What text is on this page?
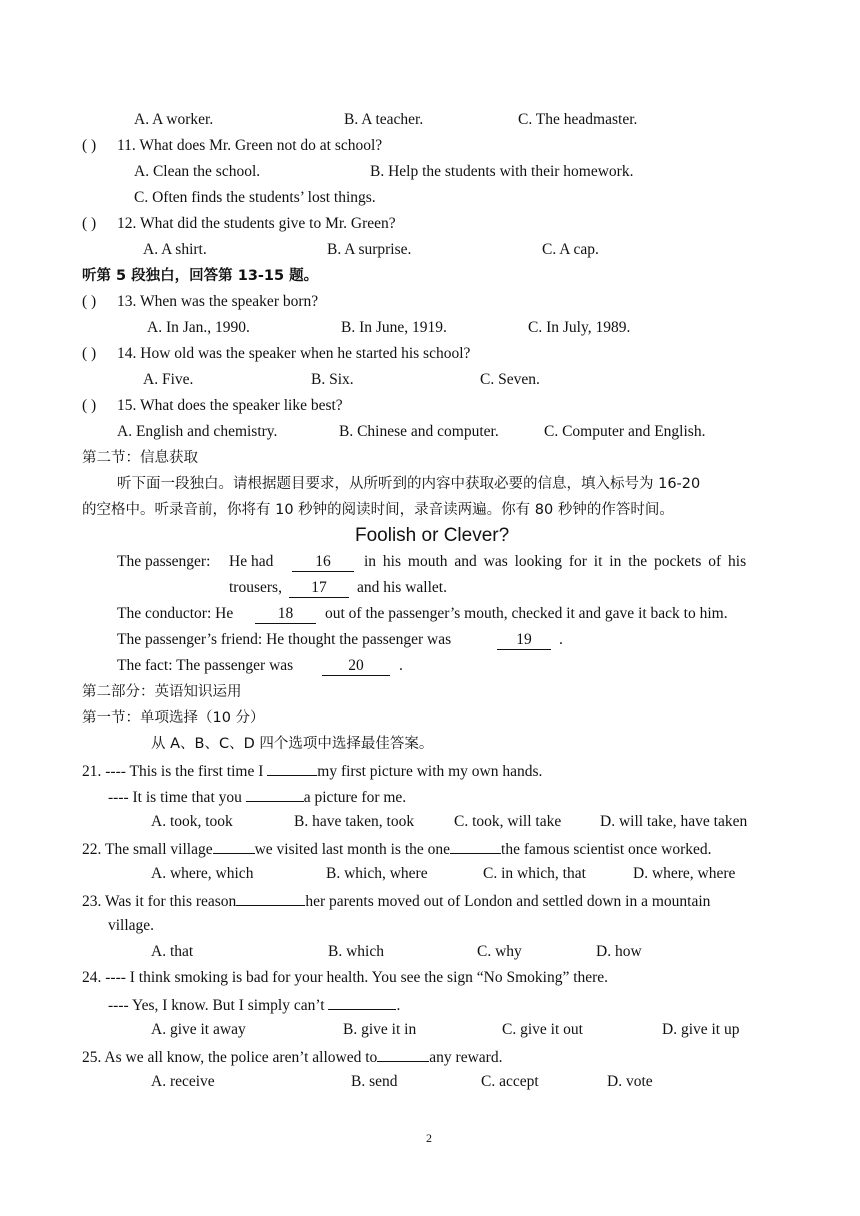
A. A worker.	B. A teacher.	C. The headmaster.
( ) 11. What does Mr. Green not do at school?
A. Clean the school.	B. Help the students with their homework.
C. Often finds the students’ lost things.
( ) 12. What did the students give to Mr. Green?
A. A shirt.	B. A surprise.	C. A cap.
听第 5 段独白，回答第 13-15 题。
( ) 13. When was the speaker born?
A. In Jan., 1990.	B. In June, 1919.	C. In July, 1989.
( ) 14. How old was the speaker when he started his school?
A. Five.	B. Six.	C. Seven.
( ) 15. What does the speaker like best?
A. English and chemistry.	B. Chinese and computer.	C. Computer and English.
第二节：信息获取
听下面一段独白。请根据题目要求，从所听到的内容中获取必要的信息，填入标号为 16-20
的空格中。听录音前，你将有 10 秒钟的阅读时间，录音读两遍。你有 80 秒钟的作答时间。
Foolish or Clever?
The passenger: He had	16	in his mouth and was looking for it in the pockets of his
trousers,	17	and his wallet.
The conductor: He	18	out of the passenger’s mouth, checked it and gave it back to him.
The passenger’s friend: He thought the passenger was	19	.
The fact: The passenger was	20	.
第二部分：英语知识运用
第一节：单项选择（10 分）
从 A、B、C、D 四个选项中选择最佳答案。
21. ---- This is the first time I	my first picture with my own hands.
---- It is time that you	a picture for me.
A. took, took	B. have taken, took	C. took, will take	D. will take, have taken
22. The small village	we visited last month is the one	the famous scientist once worked.
A. where, which	B. which, where	C. in which, that	D. where, where
23. Was it for this reason	her parents moved out of London and settled down in a mountain
village.
A. that	B. which	C. why	D. how
24. ---- I think smoking is bad for your health. You see the sign “No Smoking” there.
---- Yes, I know. But I simply can’t	.
A. give it away	B. give it in	C. give it out	D. give it up
25. As we all know, the police aren’t allowed to	any reward.
A. receive	B. send	C. accept	D. vote
2
